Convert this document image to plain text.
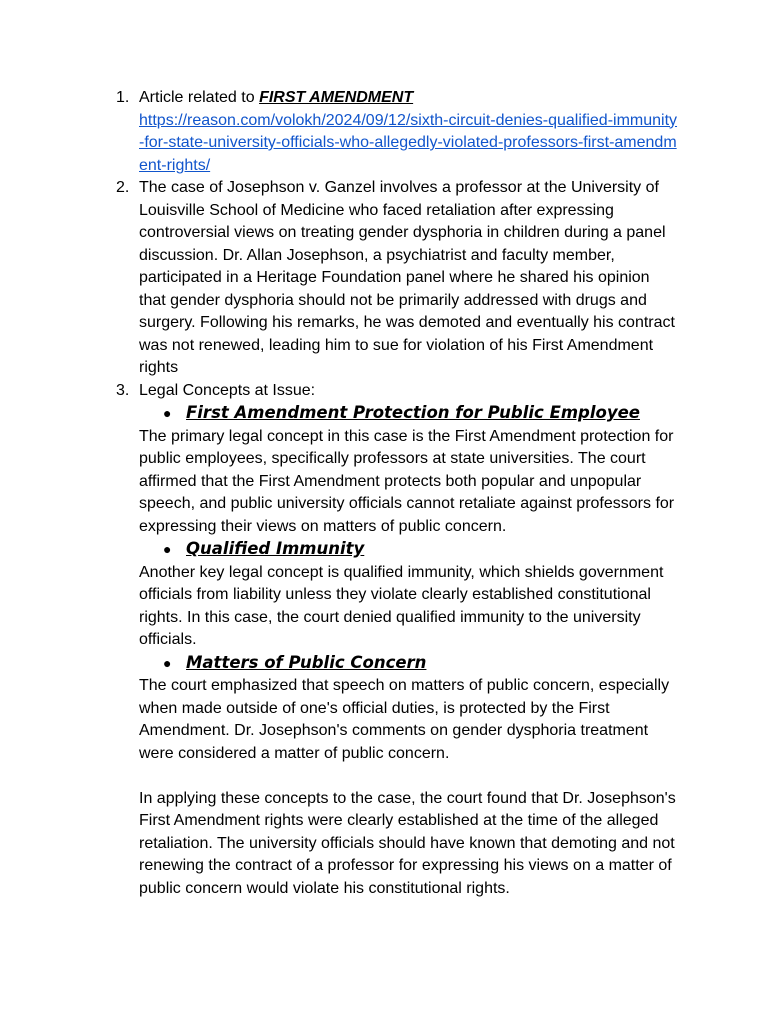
1. Article related to FIRST AMENDMENT
https://reason.com/volokh/2024/09/12/sixth-circuit-denies-qualified-immunity-for-state-university-officials-who-allegedly-violated-professors-first-amendment-rights/
2. The case of Josephson v. Ganzel involves a professor at the University of Louisville School of Medicine who faced retaliation after expressing controversial views on treating gender dysphoria in children during a panel discussion. Dr. Allan Josephson, a psychiatrist and faculty member, participated in a Heritage Foundation panel where he shared his opinion that gender dysphoria should not be primarily addressed with drugs and surgery. Following his remarks, he was demoted and eventually his contract was not renewed, leading him to sue for violation of his First Amendment rights
3. Legal Concepts at Issue:
● First Amendment Protection for Public Employee

The primary legal concept in this case is the First Amendment protection for public employees, specifically professors at state universities. The court affirmed that the First Amendment protects both popular and unpopular speech, and public university officials cannot retaliate against professors for expressing their views on matters of public concern.

● Qualified Immunity

Another key legal concept is qualified immunity, which shields government officials from liability unless they violate clearly established constitutional rights. In this case, the court denied qualified immunity to the university officials.

● Matters of Public Concern

The court emphasized that speech on matters of public concern, especially when made outside of one's official duties, is protected by the First Amendment. Dr. Josephson's comments on gender dysphoria treatment were considered a matter of public concern.

In applying these concepts to the case, the court found that Dr. Josephson's First Amendment rights were clearly established at the time of the alleged retaliation. The university officials should have known that demoting and not renewing the contract of a professor for expressing his views on a matter of public concern would violate his constitutional rights.
